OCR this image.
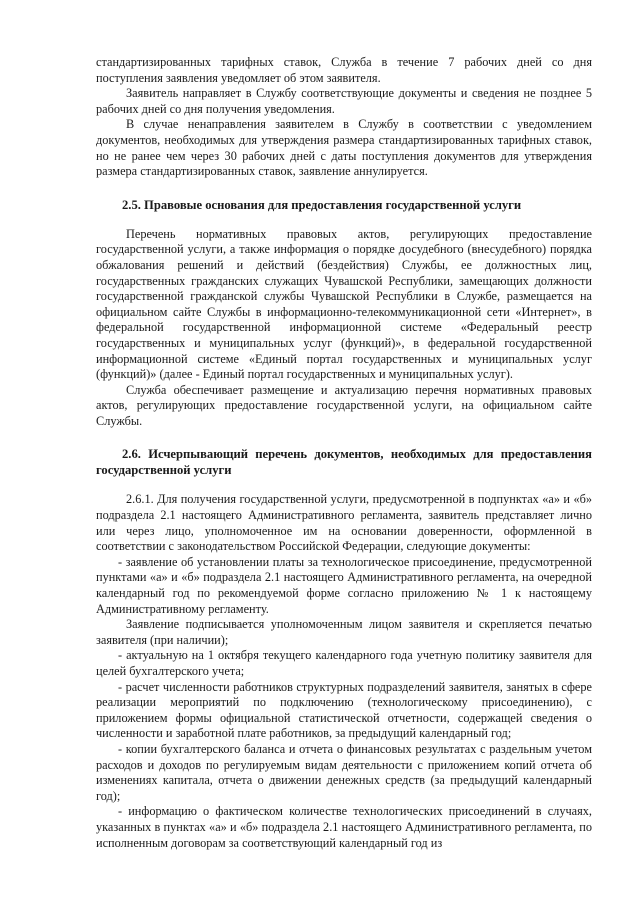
стандартизированных тарифных ставок, Служба в течение 7 рабочих дней со дня поступления заявления уведомляет об этом заявителя.

Заявитель направляет в Службу соответствующие документы и сведения не позднее 5 рабочих дней со дня получения уведомления.

В случае ненаправления заявителем в Службу в соответствии с уведомлением документов, необходимых для утверждения размера стандартизированных тарифных ставок, но не ранее чем через 30 рабочих дней с даты поступления документов для утверждения размера стандартизированных ставок, заявление аннулируется.

2.5. Правовые основания для предоставления государственной услуги

Перечень нормативных правовых актов, регулирующих предоставление государственной услуги, а также информация о порядке досудебного (внесудебного) порядка обжалования решений и действий (бездействия) Службы, ее должностных лиц, государственных гражданских служащих Чувашской Республики, замещающих должности государственной гражданской службы Чувашской Республики в Службе, размещается на официальном сайте Службы в информационно-телекоммуникационной сети «Интернет», в федеральной государственной информационной системе «Федеральный реестр государственных и муниципальных услуг (функций)», в федеральной государственной информационной системе «Единый портал государственных и муниципальных услуг (функций)» (далее - Единый портал государственных и муниципальных услуг).

Служба обеспечивает размещение и актуализацию перечня нормативных правовых актов, регулирующих предоставление государственной услуги, на официальном сайте Службы.

2.6. Исчерпывающий перечень документов, необходимых для предоставления государственной услуги

2.6.1. Для получения государственной услуги, предусмотренной в подпунктах «а» и «б» подраздела 2.1 настоящего Административного регламента, заявитель представляет лично или через лицо, уполномоченное им на основании доверенности, оформленной в соответствии с законодательством Российской Федерации, следующие документы:

- заявление об установлении платы за технологическое присоединение, предусмотренной пунктами «а» и «б» подраздела 2.1 настоящего Административного регламента, на очередной календарный год по рекомендуемой форме согласно приложению № 1 к настоящему Административному регламенту.

Заявление подписывается уполномоченным лицом заявителя и скрепляется печатью заявителя (при наличии);

- актуальную на 1 октября текущего календарного года учетную политику заявителя для целей бухгалтерского учета;

- расчет численности работников структурных подразделений заявителя, занятых в сфере реализации мероприятий по подключению (технологическому присоединению), с приложением формы официальной статистической отчетности, содержащей сведения о численности и заработной плате работников, за предыдущий календарный год;

- копии бухгалтерского баланса и отчета о финансовых результатах с раздельным учетом расходов и доходов по регулируемым видам деятельности с приложением копий отчета об изменениях капитала, отчета о движении денежных средств (за предыдущий календарный год);

- информацию о фактическом количестве технологических присоединений в случаях, указанных в пунктах «а» и «б» подраздела 2.1 настоящего Административного регламента, по исполненным договорам за соответствующий календарный год из
